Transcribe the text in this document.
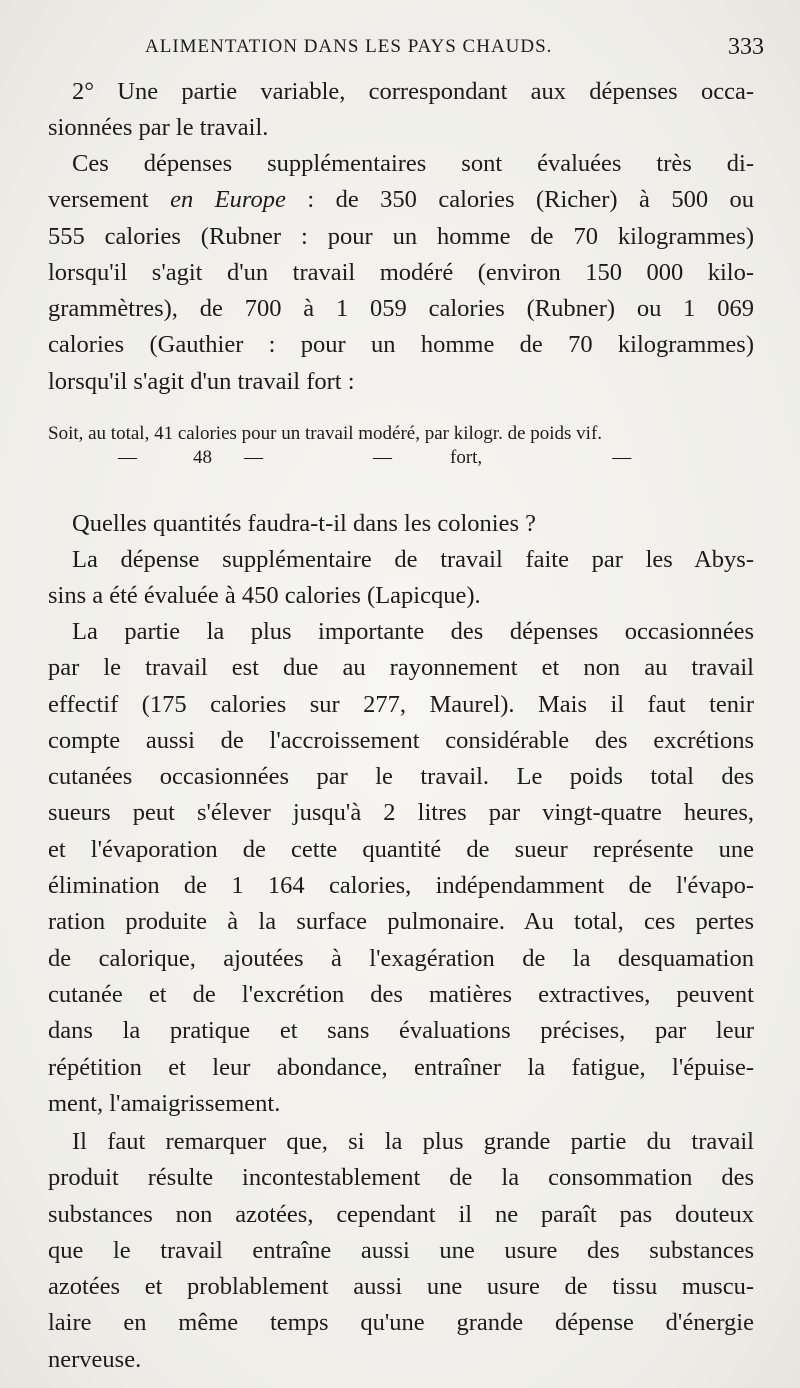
ALIMENTATION DANS LES PAYS CHAUDS.	333
2° Une partie variable, correspondant aux dépenses occa-
sionnées par le travail.
Ces dépenses supplémentaires sont évaluées très di-
versement en Europe : de 350 calories (Richer) à 500 ou
555 calories (Rubner : pour un homme de 70 kilogrammes)
lorsqu'il s'agit d'un travail modéré (environ 150 000 kilo-
grammètres), de 700 à 1 059 calories (Rubner) ou 1 069
calories (Gauthier : pour un homme de 70 kilogrammes)
lorsqu'il s'agit d'un travail fort :
Soit, au total, 41 calories pour un travail modéré, par kilogr. de poids vif.
—	48 —	—	fort,	—
Quelles quantités faudra-t-il dans les colonies ?
La dépense supplémentaire de travail faite par les Abys-
sins a été évaluée à 450 calories (Lapicque).
La partie la plus importante des dépenses occasionnées
par le travail est due au rayonnement et non au travail
effectif (175 calories sur 277, Maurel). Mais il faut tenir
compte aussi de l'accroissement considérable des excrétions
cutanées occasionnées par le travail. Le poids total des
sueurs peut s'élever jusqu'à 2 litres par vingt-quatre heures,
et l'évaporation de cette quantité de sueur représente une
élimination de 1 164 calories, indépendamment de l'évapo-
ration produite à la surface pulmonaire. Au total, ces pertes
de calorique, ajoutées à l'exagération de la desquamation
cutanée et de l'excrétion des matières extractives, peuvent
dans la pratique et sans évaluations précises, par leur
répétition et leur abondance, entraîner la fatigue, l'épuise-
ment, l'amaigrissement.
Il faut remarquer que, si la plus grande partie du travail
produit résulte incontestablement de la consommation des
substances non azotées, cependant il ne paraît pas douteux
que le travail entraîne aussi une usure des substances
azotées et problablement aussi une usure de tissu muscu-
laire en même temps qu'une grande dépense d'énergie
nerveuse.
